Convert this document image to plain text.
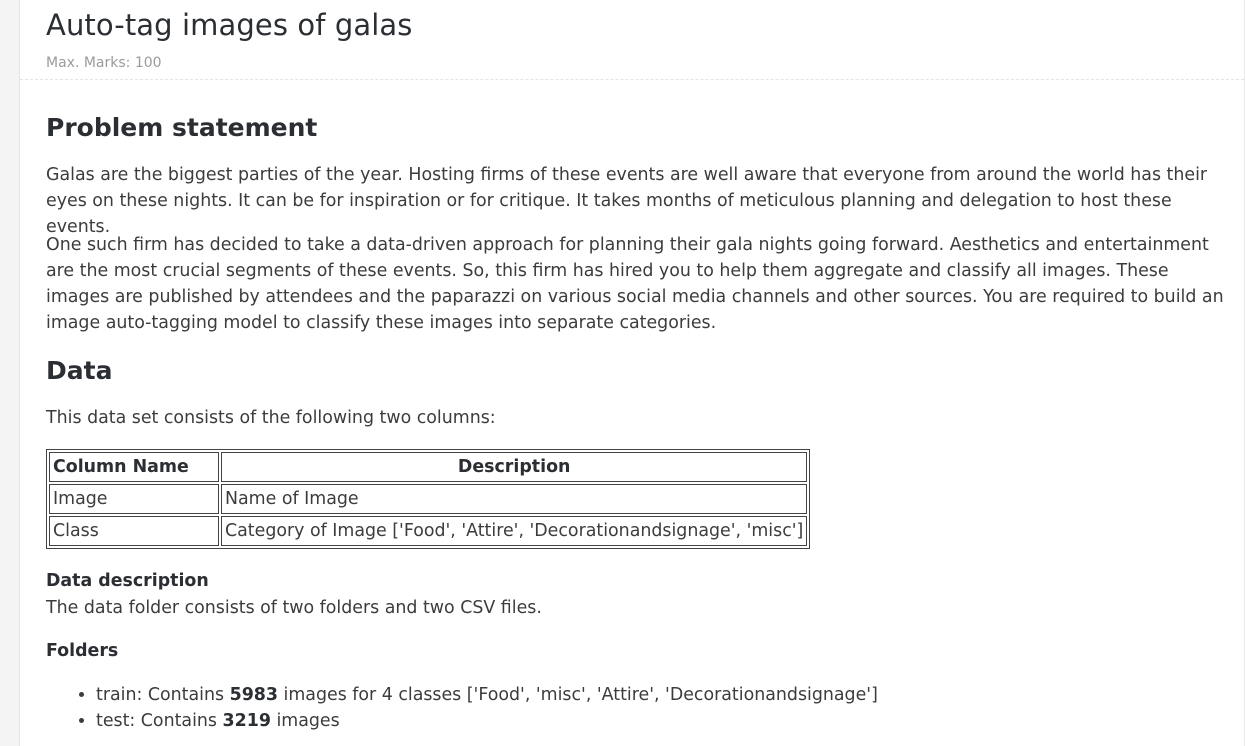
Auto-tag images of galas
Max. Marks: 100
Problem statement

Galas are the biggest parties of the year. Hosting firms of these events are well aware that everyone from around the world has their eyes on these nights. It can be for inspiration or for critique. It takes months of meticulous planning and delegation to host these events.

One such firm has decided to take a data-driven approach for planning their gala nights going forward. Aesthetics and entertainment are the most crucial segments of these events. So, this firm has hired you to help them aggregate and classify all images. These images are published by attendees and the paparazzi on various social media channels and other sources. You are required to build an image auto-tagging model to classify these images into separate categories.

Data

This data set consists of the following two columns:

Column Name	Description
Image	Name of Image
Class	Category of Image ['Food', 'Attire', 'Decorationandsignage', 'misc']
Data description

The data folder consists of two folders and two CSV files.

Folders
• train: Contains 5983 images for 4 classes ['Food', 'misc', 'Attire', 'Decorationandsignage']
• test: Contains 3219 images
